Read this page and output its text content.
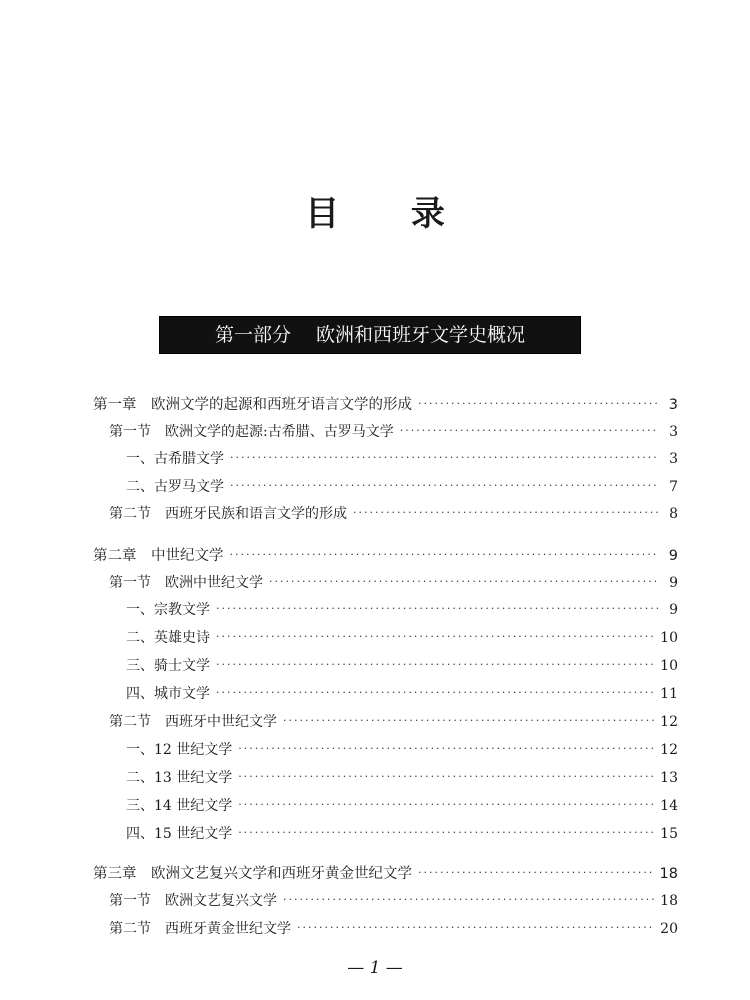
目 录
第一部分　 欧洲和西班牙文学史概况
第一章　欧洲文学的起源和西班牙语言文学的形成 ·····	3
第一节　欧洲文学的起源:古希腊、古罗马文学 ·····	3
一、古希腊文学 ·····	3
二、古罗马文学 ·····	7
第二节　西班牙民族和语言文学的形成 ·····	8
第二章　中世纪文学 ·····	9
第一节　欧洲中世纪文学 ·····	9
一、宗教文学 ·····	9
二、英雄史诗 ·····	10
三、骑士文学 ·····	10
四、城市文学 ·····	11
第二节　西班牙中世纪文学 ·····	12
一、12 世纪文学 ·····	12
二、13 世纪文学 ·····	13
三、14 世纪文学 ·····	14
四、15 世纪文学 ·····	15
第三章　欧洲文艺复兴文学和西班牙黄金世纪文学 ·····	18
第一节　欧洲文艺复兴文学 ·····	18
第二节　西班牙黄金世纪文学 ·····	20
— 1 —
